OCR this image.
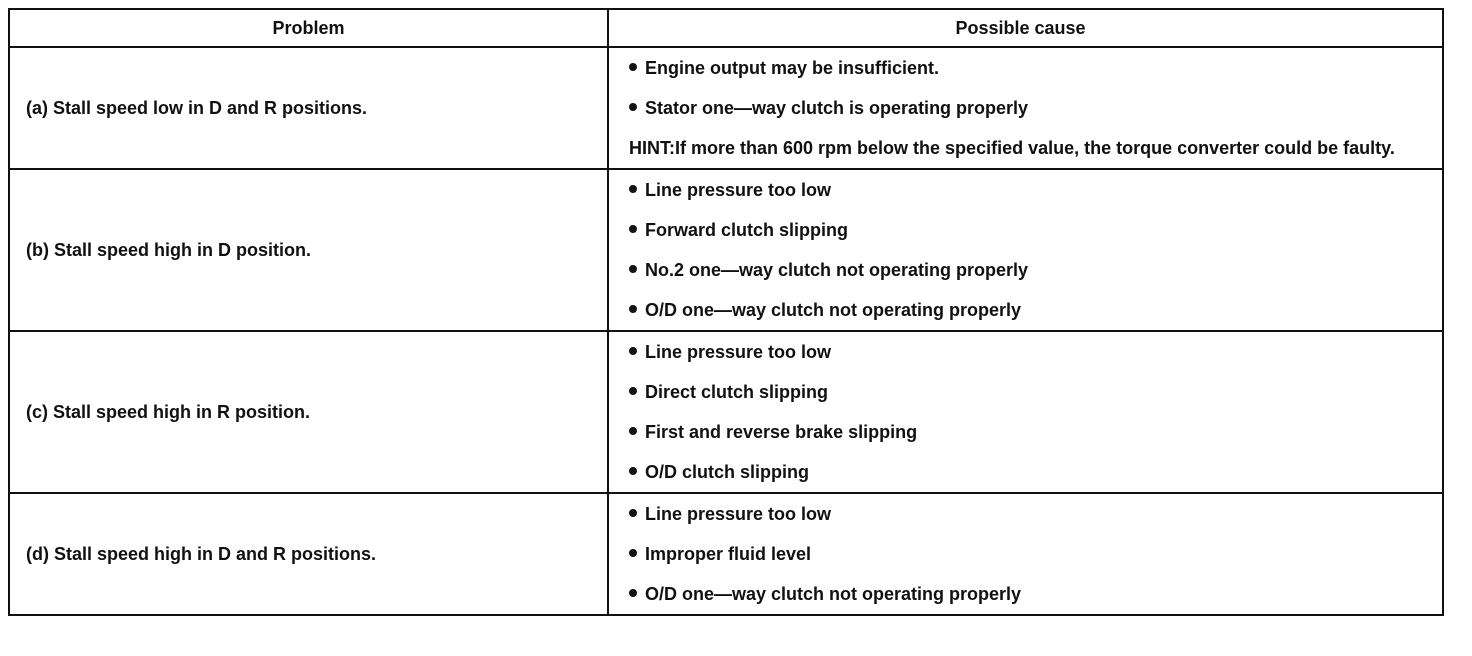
Problem	Possible cause
(a) Stall speed low in D and R positions.
Engine output may be insufficient.
Stator one—way clutch is operating properly
HINT:If more than 600 rpm below the specified value, the torque converter could be faulty.
(b) Stall speed high in D position.
Line pressure too low
Forward clutch slipping
No.2 one—way clutch not operating properly
O/D one—way clutch not operating properly
(c) Stall speed high in R position.
Line pressure too low
Direct clutch slipping
First and reverse brake slipping
O/D clutch slipping
(d) Stall speed high in D and R positions.
Line pressure too low
Improper fluid level
O/D one—way clutch not operating properly
